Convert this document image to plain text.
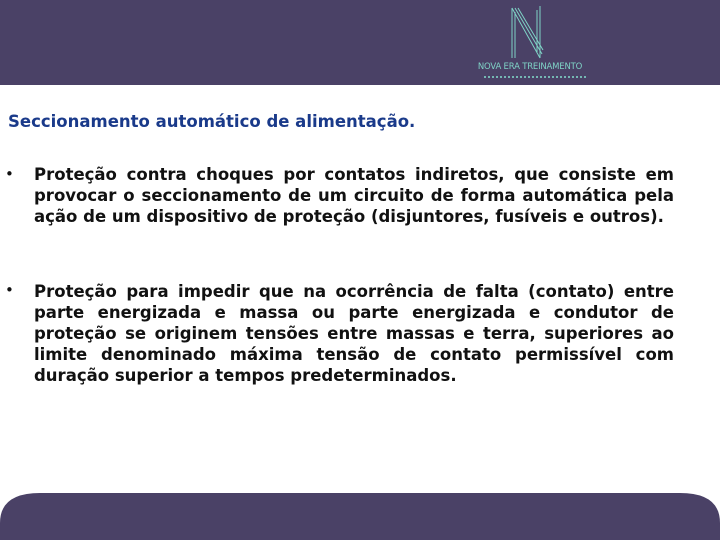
NOVA ERA TREINAMENTO
Seccionamento automático de alimentação.
• Proteção contra choques por contatos indiretos, que consiste em provocar o seccionamento de um circuito de forma automática pela ação de um dispositivo de proteção (disjuntores, fusíveis e outros).
• Proteção para impedir que na ocorrência de falta (contato) entre parte energizada e massa ou parte energizada e condutor de proteção se originem tensões entre massas e terra, superiores ao limite denominado máxima tensão de contato permissível com duração superior a tempos predeterminados.
